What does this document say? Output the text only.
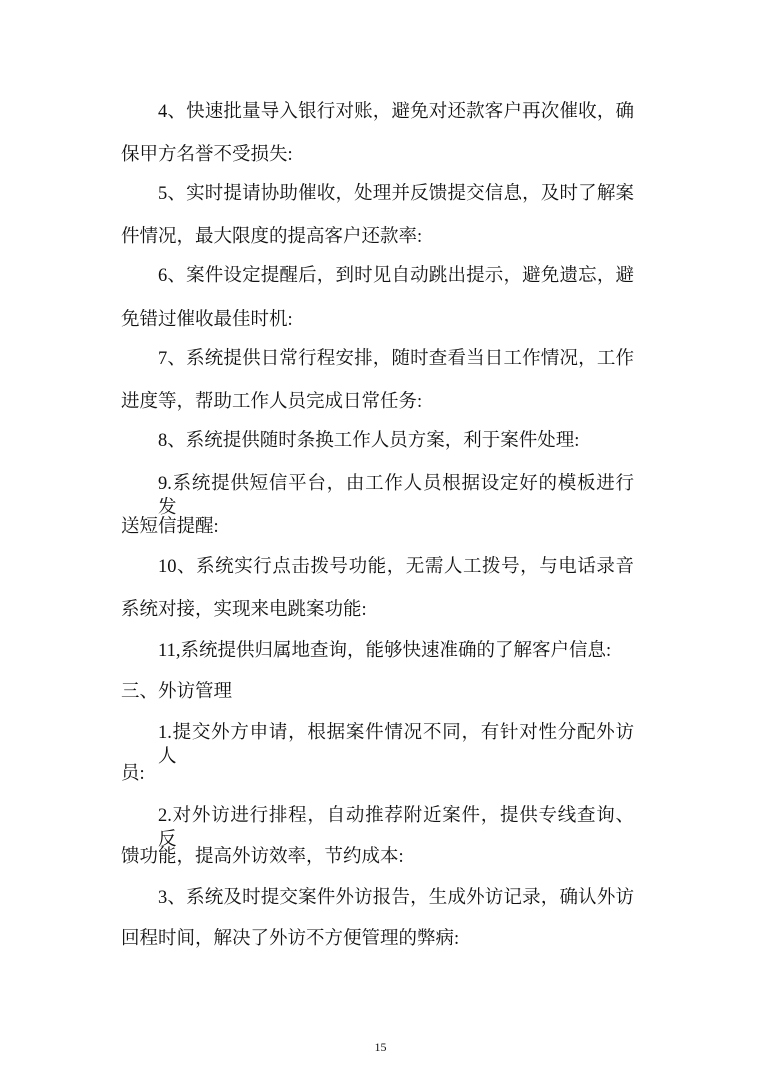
4、快速批量导入银行对账，避免对还款客户再次催收，确
保甲方名誉不受损失:
5、实时提请协助催收，处理并反馈提交信息，及时了解案
件情况，最大限度的提高客户还款率:
6、案件设定提醒后，到时见自动跳出提示，避免遗忘，避
免错过催收最佳时机:
7、系统提供日常行程安排，随时查看当日工作情况，工作
进度等，帮助工作人员完成日常任务:
8、系统提供随时条换工作人员方案，利于案件处理:
9.系统提供短信平台，由工作人员根据设定好的模板进行发
送短信提醒:
10、系统实行点击拨号功能，无需人工拨号，与电话录音
系统对接，实现来电跳案功能:
11,系统提供归属地查询，能够快速准确的了解客户信息:
三、外访管理
1.提交外方申请，根据案件情况不同，有针对性分配外访人
员:
2.对外访进行排程，自动推荐附近案件，提供专线查询、反
馈功能，提高外访效率，节约成本:
3、系统及时提交案件外访报告，生成外访记录，确认外访
回程时间，解决了外访不方便管理的弊病:
15
